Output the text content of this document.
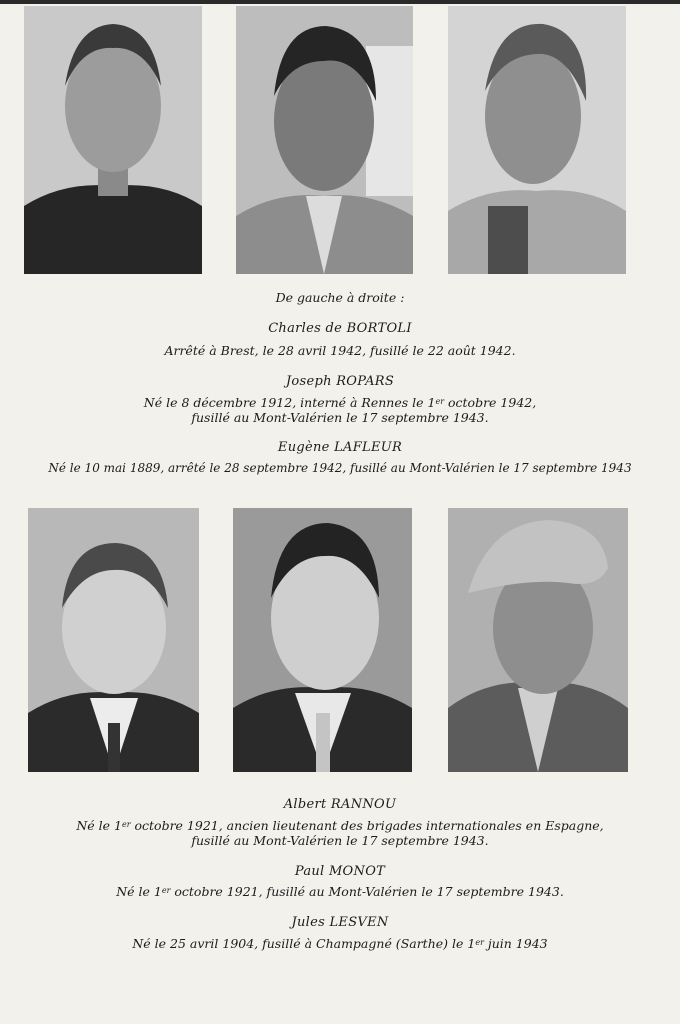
De gauche à droite :
Charles de BORTOLI
Arrêté à Brest, le 28 avril 1942, fusillé le 22 août 1942.
Joseph ROPARS
Né le 8 décembre 1912, interné à Rennes le 1er octobre 1942,
fusillé au Mont-Valérien le 17 septembre 1943.
Eugène LAFLEUR
Né le 10 mai 1889, arrêté le 28 septembre 1942, fusillé au Mont-Valérien le 17 septembre 1943
Albert RANNOU
Né le 1er octobre 1921, ancien lieutenant des brigades internationales en Espagne,
fusillé au Mont-Valérien le 17 septembre 1943.
Paul MONOT
Né le 1er octobre 1921, fusillé au Mont-Valérien le 17 septembre 1943.
Jules LESVEN
Né le 25 avril 1904, fusillé à Champagné (Sarthe) le 1er juin 1943
